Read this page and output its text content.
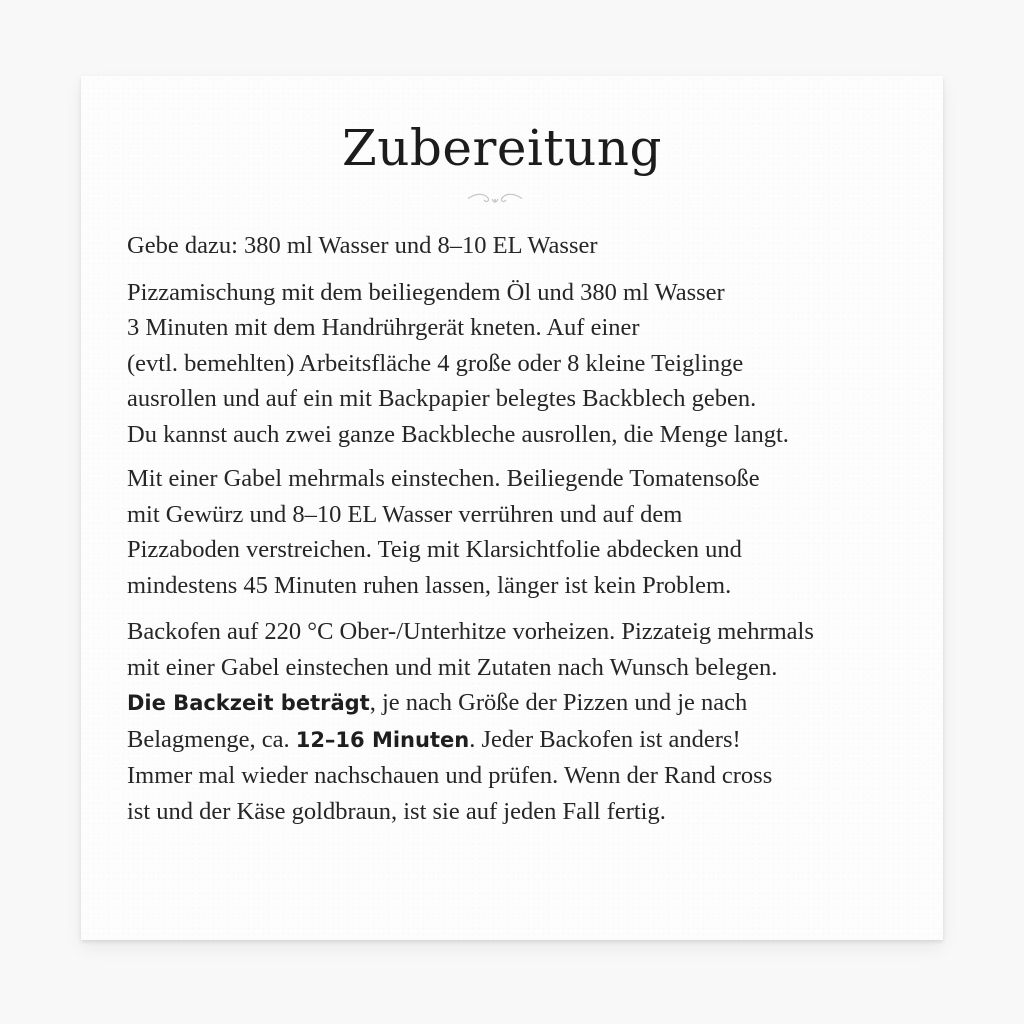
Zubereitung

Gebe dazu: 380 ml Wasser und 8–10 EL Wasser

Pizzamischung mit dem beiliegendem Öl und 380 ml Wasser

3 Minuten mit dem Handrührgerät kneten. Auf einer

(evtl. bemehlten) Arbeitsfläche 4 große oder 8 kleine Teiglinge

ausrollen und auf ein mit Backpapier belegtes Backblech geben.

Du kannst auch zwei ganze Backbleche ausrollen, die Menge langt.

Mit einer Gabel mehrmals einstechen. Beiliegende Tomatensoße

mit Gewürz und 8–10 EL Wasser verrühren und auf dem

Pizzaboden verstreichen. Teig mit Klarsichtfolie abdecken und

mindestens 45 Minuten ruhen lassen, länger ist kein Problem.

Backofen auf 220 °C Ober-/Unterhitze vorheizen. Pizzateig mehrmals

mit einer Gabel einstechen und mit Zutaten nach Wunsch belegen.

Die Backzeit beträgt, je nach Größe der Pizzen und je nach

Belagmenge, ca. 12–16 Minuten. Jeder Backofen ist anders!

Immer mal wieder nachschauen und prüfen. Wenn der Rand cross

ist und der Käse goldbraun, ist sie auf jeden Fall fertig.
